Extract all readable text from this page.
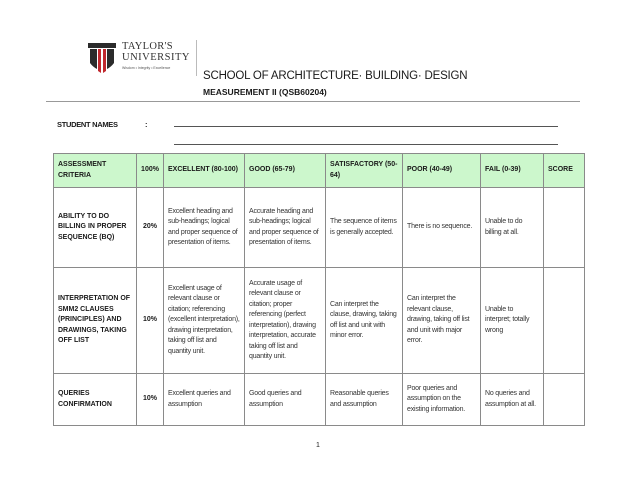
TAYLOR'S
UNIVERSITY
Wisdom • Integrity • Excellence
SCHOOL OF ARCHITECTURE· BUILDING· DESIGN
MEASUREMENT II (QSB60204)
STUDENT NAMES	:
ASSESSMENT CRITERIA	100%	EXCELLENT (80-100)	GOOD (65-79)	SATISFACTORY (50-64)	POOR (40-49)	FAIL (0-39)	SCORE
ABILITY TO DO BILLING IN PROPER SEQUENCE (BQ)	20%	Excellent heading and sub-headings; logical and proper sequence of presentation of items.	Accurate heading and sub-headings; logical and proper sequence of presentation of items.	The sequence of items is generally accepted.	There is no sequence.	Unable to do billing at all.	
INTERPRETATION OF SMM2 CLAUSES (PRINCIPLES) AND DRAWINGS, TAKING OFF LIST	10%	Excellent usage of relevant clause or citation; referencing (excellent interpretation), drawing interpretation, taking off list and quantity unit.	Accurate usage of relevant clause or citation; proper referencing (perfect interpretation), drawing interpretation, accurate taking off list and quantity unit.	Can interpret the clause, drawing, taking off list and unit with minor error.	Can interpret the relevant clause, drawing, taking off list and unit with major error.	Unable to interpret; totally wrong	
QUERIES CONFIRMATION	10%	Excellent queries and assumption	Good queries and assumption	Reasonable queries and assumption	Poor queries and assumption on the existing information.	No queries and assumption at all.	
1
